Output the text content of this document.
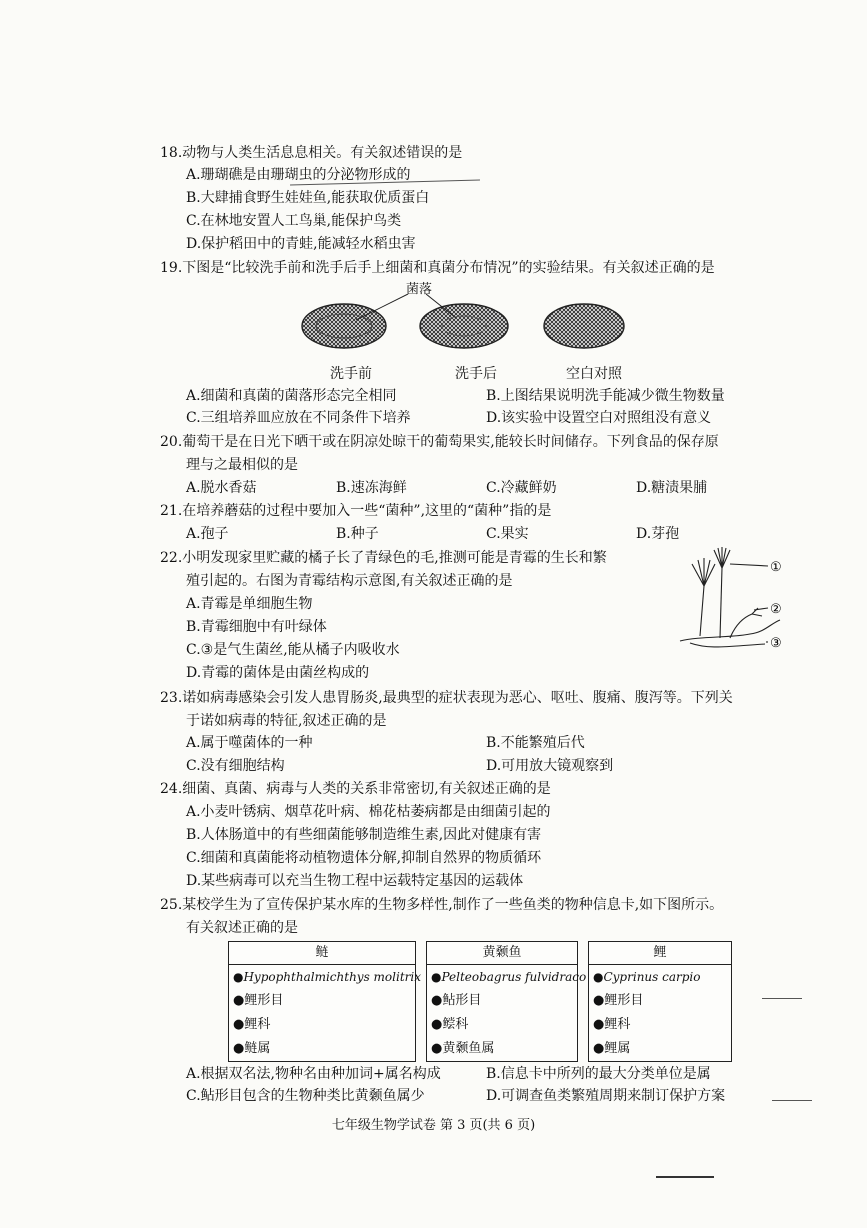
18.动物与人类生活息息相关。有关叙述错误的是
A.珊瑚礁是由珊瑚虫的分泌物形成的
B.大肆捕食野生娃娃鱼,能获取优质蛋白
C.在林地安置人工鸟巢,能保护鸟类
D.保护稻田中的青蛙,能减轻水稻虫害
19.下图是“比较洗手前和洗手后手上细菌和真菌分布情况”的实验结果。有关叙述正确的是
菌落
洗手前	洗手后	空白对照
A.细菌和真菌的菌落形态完全相同	B.上图结果说明洗手能减少微生物数量
C.三组培养皿应放在不同条件下培养	D.该实验中设置空白对照组没有意义
20.葡萄干是在日光下晒干或在阴凉处晾干的葡萄果实,能较长时间储存。下列食品的保存原
理与之最相似的是
A.脱水香菇	B.速冻海鲜	C.冷藏鲜奶	D.糖渍果脯
21.在培养蘑菇的过程中要加入一些“菌种”,这里的“菌种”指的是
A.孢子	B.种子	C.果实	D.芽孢
22.小明发现家里贮藏的橘子长了青绿色的毛,推测可能是青霉的生长和繁
殖引起的。右图为青霉结构示意图,有关叙述正确的是
A.青霉是单细胞生物
B.青霉细胞中有叶绿体
C.③是气生菌丝,能从橘子内吸收水
D.青霉的菌体是由菌丝构成的
①
②
③
23.诺如病毒感染会引发人患胃肠炎,最典型的症状表现为恶心、呕吐、腹痛、腹泻等。下列关
于诺如病毒的特征,叙述正确的是
A.属于噬菌体的一种	B.不能繁殖后代
C.没有细胞结构	D.可用放大镜观察到
24.细菌、真菌、病毒与人类的关系非常密切,有关叙述正确的是
A.小麦叶锈病、烟草花叶病、棉花枯萎病都是由细菌引起的
B.人体肠道中的有些细菌能够制造维生素,因此对健康有害
C.细菌和真菌能将动植物遗体分解,抑制自然界的物质循环
D.某些病毒可以充当生物工程中运载特定基因的运载体
25.某校学生为了宣传保护某水库的生物多样性,制作了一些鱼类的物种信息卡,如下图所示。
有关叙述正确的是
鲢
●Hypophthalmichthys molitrix
●鲤形目
●鲤科
●鲢属
黄颡鱼
●Pelteobagrus fulvidraco
●鲇形目
●鲿科
●黄颡鱼属
鲤
●Cyprinus carpio
●鲤形目
●鲤科
●鲤属
A.根据双名法,物种名由种加词+属名构成	B.信息卡中所列的最大分类单位是属
C.鲇形目包含的生物种类比黄颡鱼属少	D.可调查鱼类繁殖周期来制订保护方案
七年级生物学试卷 第 3 页(共 6 页)
